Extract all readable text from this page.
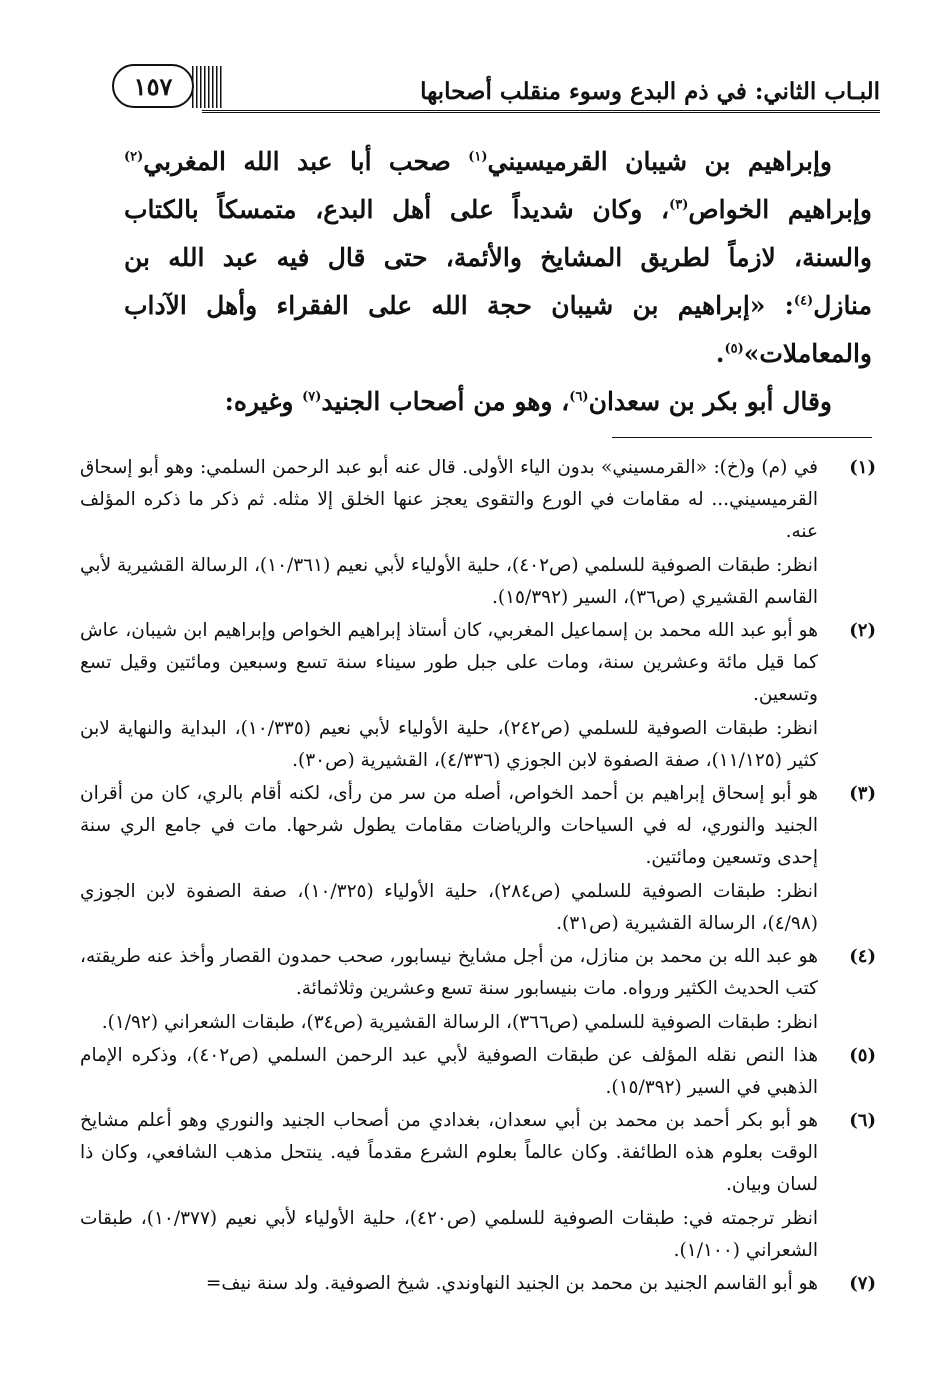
البـاب الثاني: في ذم البدع وسوء منقلب أصحابها
١٥٧

وإبراهيم بن شيبان القرميسيني$^{(١)}$ صحب أبا عبد الله المغربي$^{(٢)}$ وإبراهيم الخواص$^{(٣)}$، وكان شديداً على أهل البدع، متمسكاً بالكتاب والسنة، لازماً لطريق المشايخ والأئمة، حتى قال فيه عبد الله بن منازل$^{(٤)}$: «إبراهيم بن شيبان حجة الله على الفقراء وأهل الآداب والمعاملات»$^{(٥)}$.

وقال أبو بكر بن سعدان$^{(٦)}$، وهو من أصحاب الجنيد$^{(٧)}$ وغيره:

(١)

في (م) و(خ): «القرمسيني» بدون الياء الأولى. قال عنه أبو عبد الرحمن السلمي: وهو أبو إسحاق القرميسيني... له مقامات في الورع والتقوى يعجز عنها الخلق إلا مثله. ثم ذكر ما ذكره المؤلف عنه.

انظر: طبقات الصوفية للسلمي (ص٤٠٢)، حلية الأولياء لأبي نعيم (١٠/٣٦١)، الرسالة القشيرية لأبي القاسم القشيري (ص٣٦)، السير (١٥/٣٩٢).

(٢)

هو أبو عبد الله محمد بن إسماعيل المغربي، كان أستاذ إبراهيم الخواص وإبراهيم ابن شيبان، عاش كما قيل مائة وعشرين سنة، ومات على جبل طور سيناء سنة تسع وسبعين ومائتين وقيل تسع وتسعين.

انظر: طبقات الصوفية للسلمي (ص٢٤٢)، حلية الأولياء لأبي نعيم (١٠/٣٣٥)، البداية والنهاية لابن كثير (١١/١٢٥)، صفة الصفوة لابن الجوزي (٤/٣٣٦)، القشيرية (ص٣٠).

(٣)

هو أبو إسحاق إبراهيم بن أحمد الخواص، أصله من سر من رأى، لكنه أقام بالري، كان من أقران الجنيد والنوري، له في السياحات والرياضات مقامات يطول شرحها. مات في جامع الري سنة إحدى وتسعين ومائتين.

انظر: طبقات الصوفية للسلمي (ص٢٨٤)، حلية الأولياء (١٠/٣٢٥)، صفة الصفوة لابن الجوزي (٤/٩٨)، الرسالة القشيرية (ص٣١).

(٤)

هو عبد الله بن محمد بن منازل، من أجل مشايخ نيسابور، صحب حمدون القصار وأخذ عنه طريقته، كتب الحديث الكثير ورواه. مات بنيسابور سنة تسع وعشرين وثلاثمائة.

انظر: طبقات الصوفية للسلمي (ص٣٦٦)، الرسالة القشيرية (ص٣٤)، طبقات الشعراني (١/٩٢).

(٥)

هذا النص نقله المؤلف عن طبقات الصوفية لأبي عبد الرحمن السلمي (ص٤٠٢)، وذكره الإمام الذهبي في السير (١٥/٣٩٢).

(٦)

هو أبو بكر أحمد بن محمد بن أبي سعدان، بغدادي من أصحاب الجنيد والنوري وهو أعلم مشايخ الوقت بعلوم هذه الطائفة. وكان عالماً بعلوم الشرع مقدماً فيه. ينتحل مذهب الشافعي، وكان ذا لسان وبيان.

انظر ترجمته في: طبقات الصوفية للسلمي (ص٤٢٠)، حلية الأولياء لأبي نعيم (١٠/٣٧٧)، طبقات الشعراني (١/١٠٠).

(٧)

هو أبو القاسم الجنيد بن محمد بن الجنيد النهاوندي. شيخ الصوفية. ولد سنة نيف=
